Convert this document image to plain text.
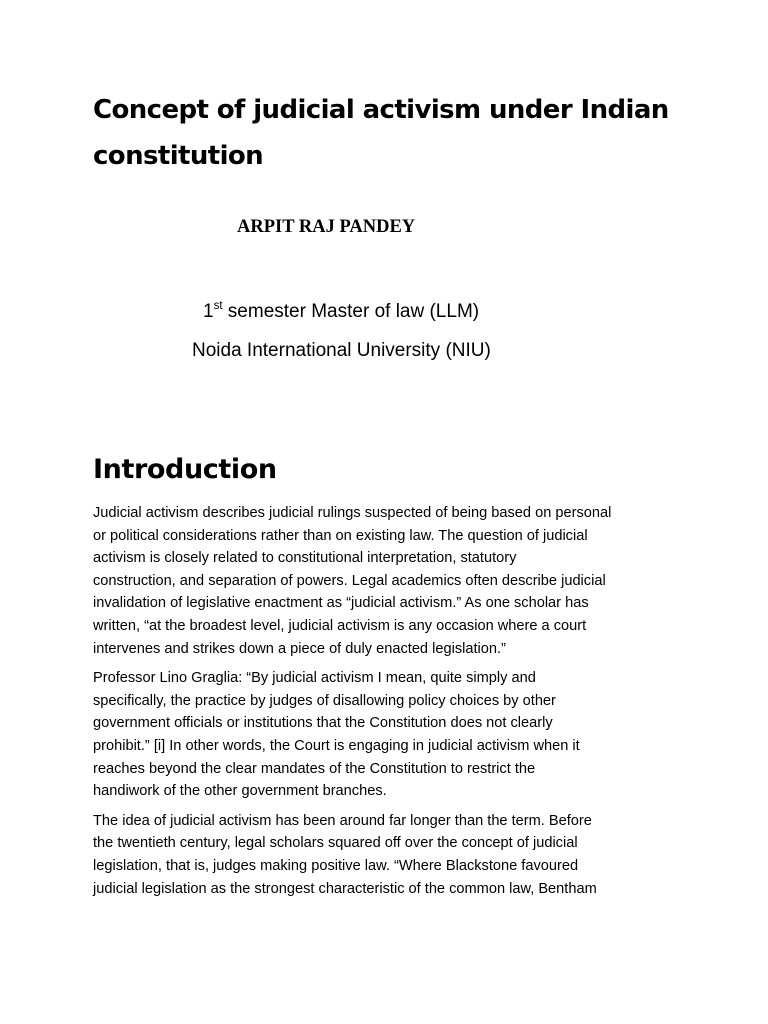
Concept of judicial activism under Indian
constitution

ARPIT RAJ PANDEY

1st semester Master of law (LLM)

Noida International University (NIU)

Introduction

Judicial activism describes judicial rulings suspected of being based on personal
or political considerations rather than on existing law. The question of judicial
activism is closely related to constitutional interpretation, statutory
construction, and separation of powers. Legal academics often describe judicial
invalidation of legislative enactment as “judicial activism.” As one scholar has
written, “at the broadest level, judicial activism is any occasion where a court
intervenes and strikes down a piece of duly enacted legislation.”

Professor Lino Graglia: “By judicial activism I mean, quite simply and
specifically, the practice by judges of disallowing policy choices by other
government officials or institutions that the Constitution does not clearly
prohibit.” [i] In other words, the Court is engaging in judicial activism when it
reaches beyond the clear mandates of the Constitution to restrict the
handiwork of the other government branches.

The idea of judicial activism has been around far longer than the term. Before
the twentieth century, legal scholars squared off over the concept of judicial
legislation, that is, judges making positive law. “Where Blackstone favoured
judicial legislation as the strongest characteristic of the common law, Bentham
